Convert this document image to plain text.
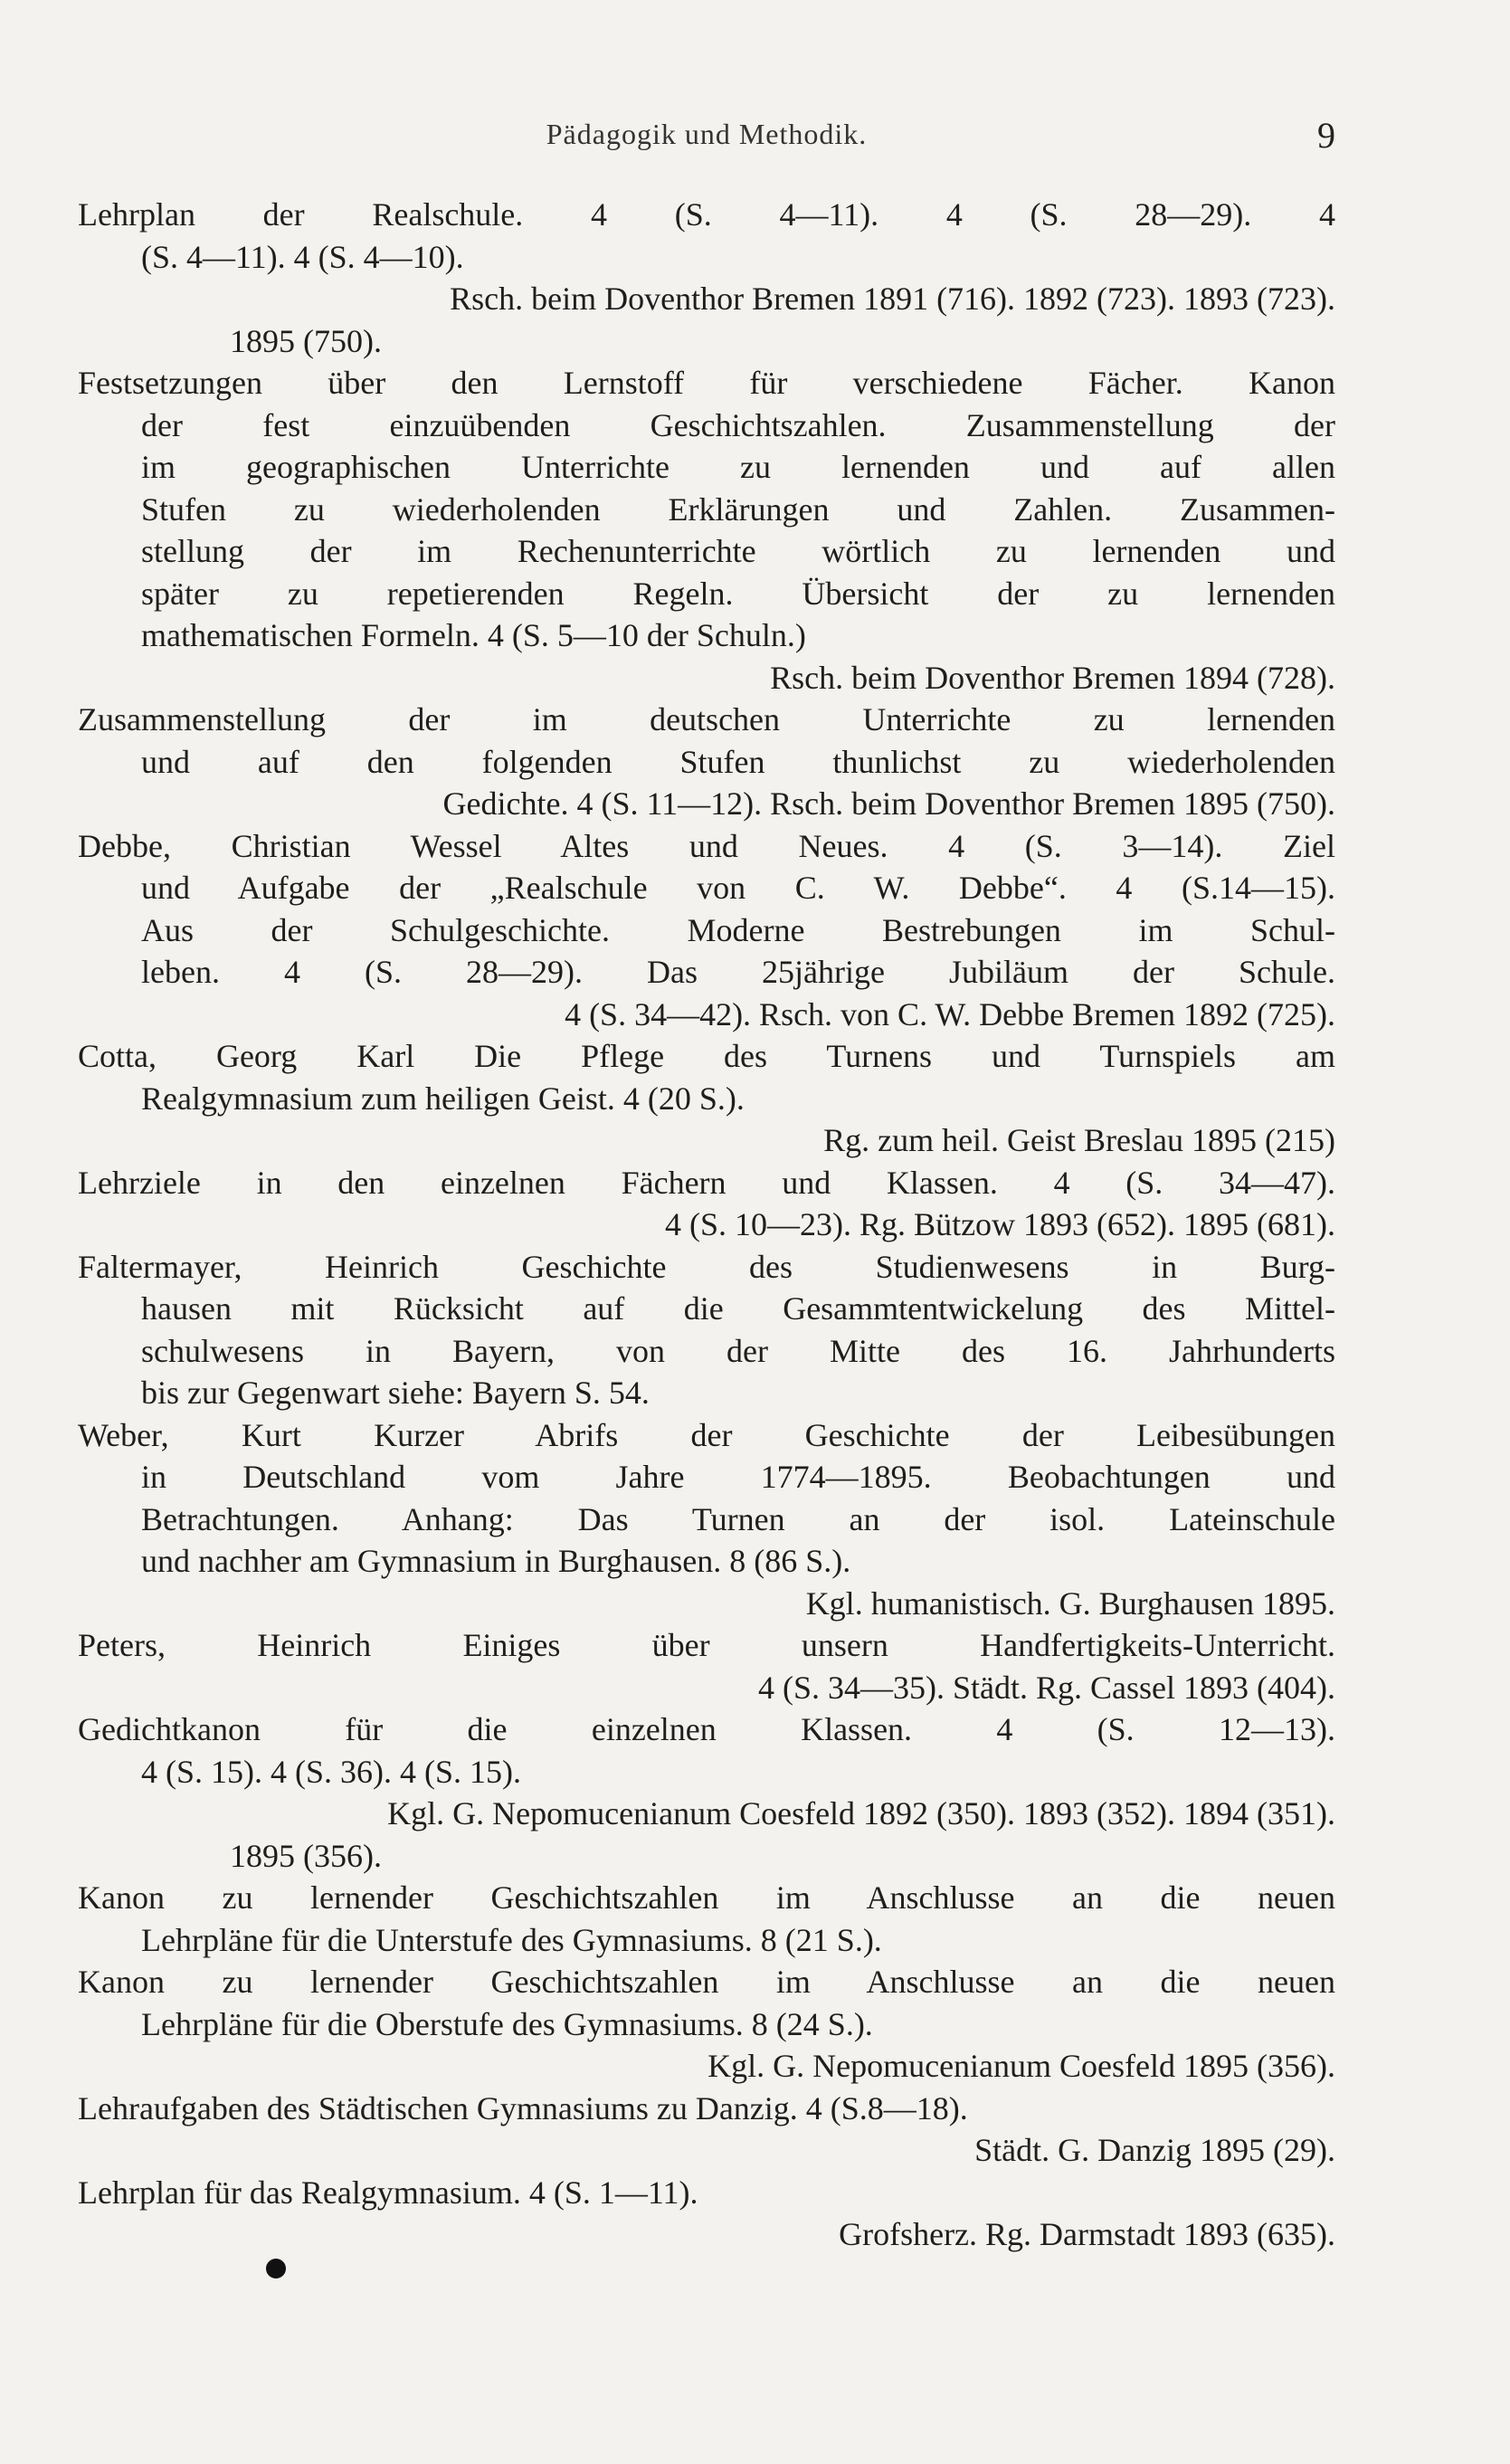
Pädagogik und Methodik.	9
Lehrplan der Realschule. 4 (S. 4—11). 4 (S. 28—29). 4
(S. 4—11). 4 (S. 4—10).
Rsch. beim Doventhor Bremen 1891 (716). 1892 (723). 1893 (723).
1895 (750).
Festsetzungen über den Lernstoff für verschiedene Fächer. Kanon
der fest einzuübenden Geschichtszahlen. Zusammenstellung der
im geographischen Unterrichte zu lernenden und auf allen
Stufen zu wiederholenden Erklärungen und Zahlen. Zusammen-
stellung der im Rechenunterrichte wörtlich zu lernenden und
später zu repetierenden Regeln. Übersicht der zu lernenden
mathematischen Formeln. 4 (S. 5—10 der Schuln.)
Rsch. beim Doventhor Bremen 1894 (728).
Zusammenstellung der im deutschen Unterrichte zu lernenden
und auf den folgenden Stufen thunlichst zu wiederholenden
Gedichte. 4 (S. 11—12). Rsch. beim Doventhor Bremen 1895 (750).
Debbe, Christian Wessel Altes und Neues. 4 (S. 3—14). Ziel
und Aufgabe der „Realschule von C. W. Debbe“. 4 (S.14—15).
Aus der Schulgeschichte. Moderne Bestrebungen im Schul-
leben. 4 (S. 28—29). Das 25jährige Jubiläum der Schule.
4 (S. 34—42). Rsch. von C. W. Debbe Bremen 1892 (725).
Cotta, Georg Karl Die Pflege des Turnens und Turnspiels am
Realgymnasium zum heiligen Geist. 4 (20 S.).
Rg. zum heil. Geist Breslau 1895 (215)
Lehrziele in den einzelnen Fächern und Klassen. 4 (S. 34—47).
4 (S. 10—23). Rg. Bützow 1893 (652). 1895 (681).
Faltermayer, Heinrich Geschichte des Studienwesens in Burg-
hausen mit Rücksicht auf die Gesammtentwickelung des Mittel-
schulwesens in Bayern, von der Mitte des 16. Jahrhunderts
bis zur Gegenwart siehe: Bayern S. 54.
Weber, Kurt Kurzer Abrifs der Geschichte der Leibesübungen
in Deutschland vom Jahre 1774—1895. Beobachtungen und
Betrachtungen. Anhang: Das Turnen an der isol. Lateinschule
und nachher am Gymnasium in Burghausen. 8 (86 S.).
Kgl. humanistisch. G. Burghausen 1895.
Peters, Heinrich Einiges über unsern Handfertigkeits-Unterricht.
4 (S. 34—35). Städt. Rg. Cassel 1893 (404).
Gedichtkanon für die einzelnen Klassen. 4 (S. 12—13).
4 (S. 15). 4 (S. 36). 4 (S. 15).
Kgl. G. Nepomucenianum Coesfeld 1892 (350). 1893 (352). 1894 (351).
1895 (356).
Kanon zu lernender Geschichtszahlen im Anschlusse an die neuen
Lehrpläne für die Unterstufe des Gymnasiums. 8 (21 S.).
Kanon zu lernender Geschichtszahlen im Anschlusse an die neuen
Lehrpläne für die Oberstufe des Gymnasiums. 8 (24 S.).
Kgl. G. Nepomucenianum Coesfeld 1895 (356).
Lehraufgaben des Städtischen Gymnasiums zu Danzig. 4 (S.8—18).
Städt. G. Danzig 1895 (29).
Lehrplan für das Realgymnasium. 4 (S. 1—11).
Grofsherz. Rg. Darmstadt 1893 (635).
